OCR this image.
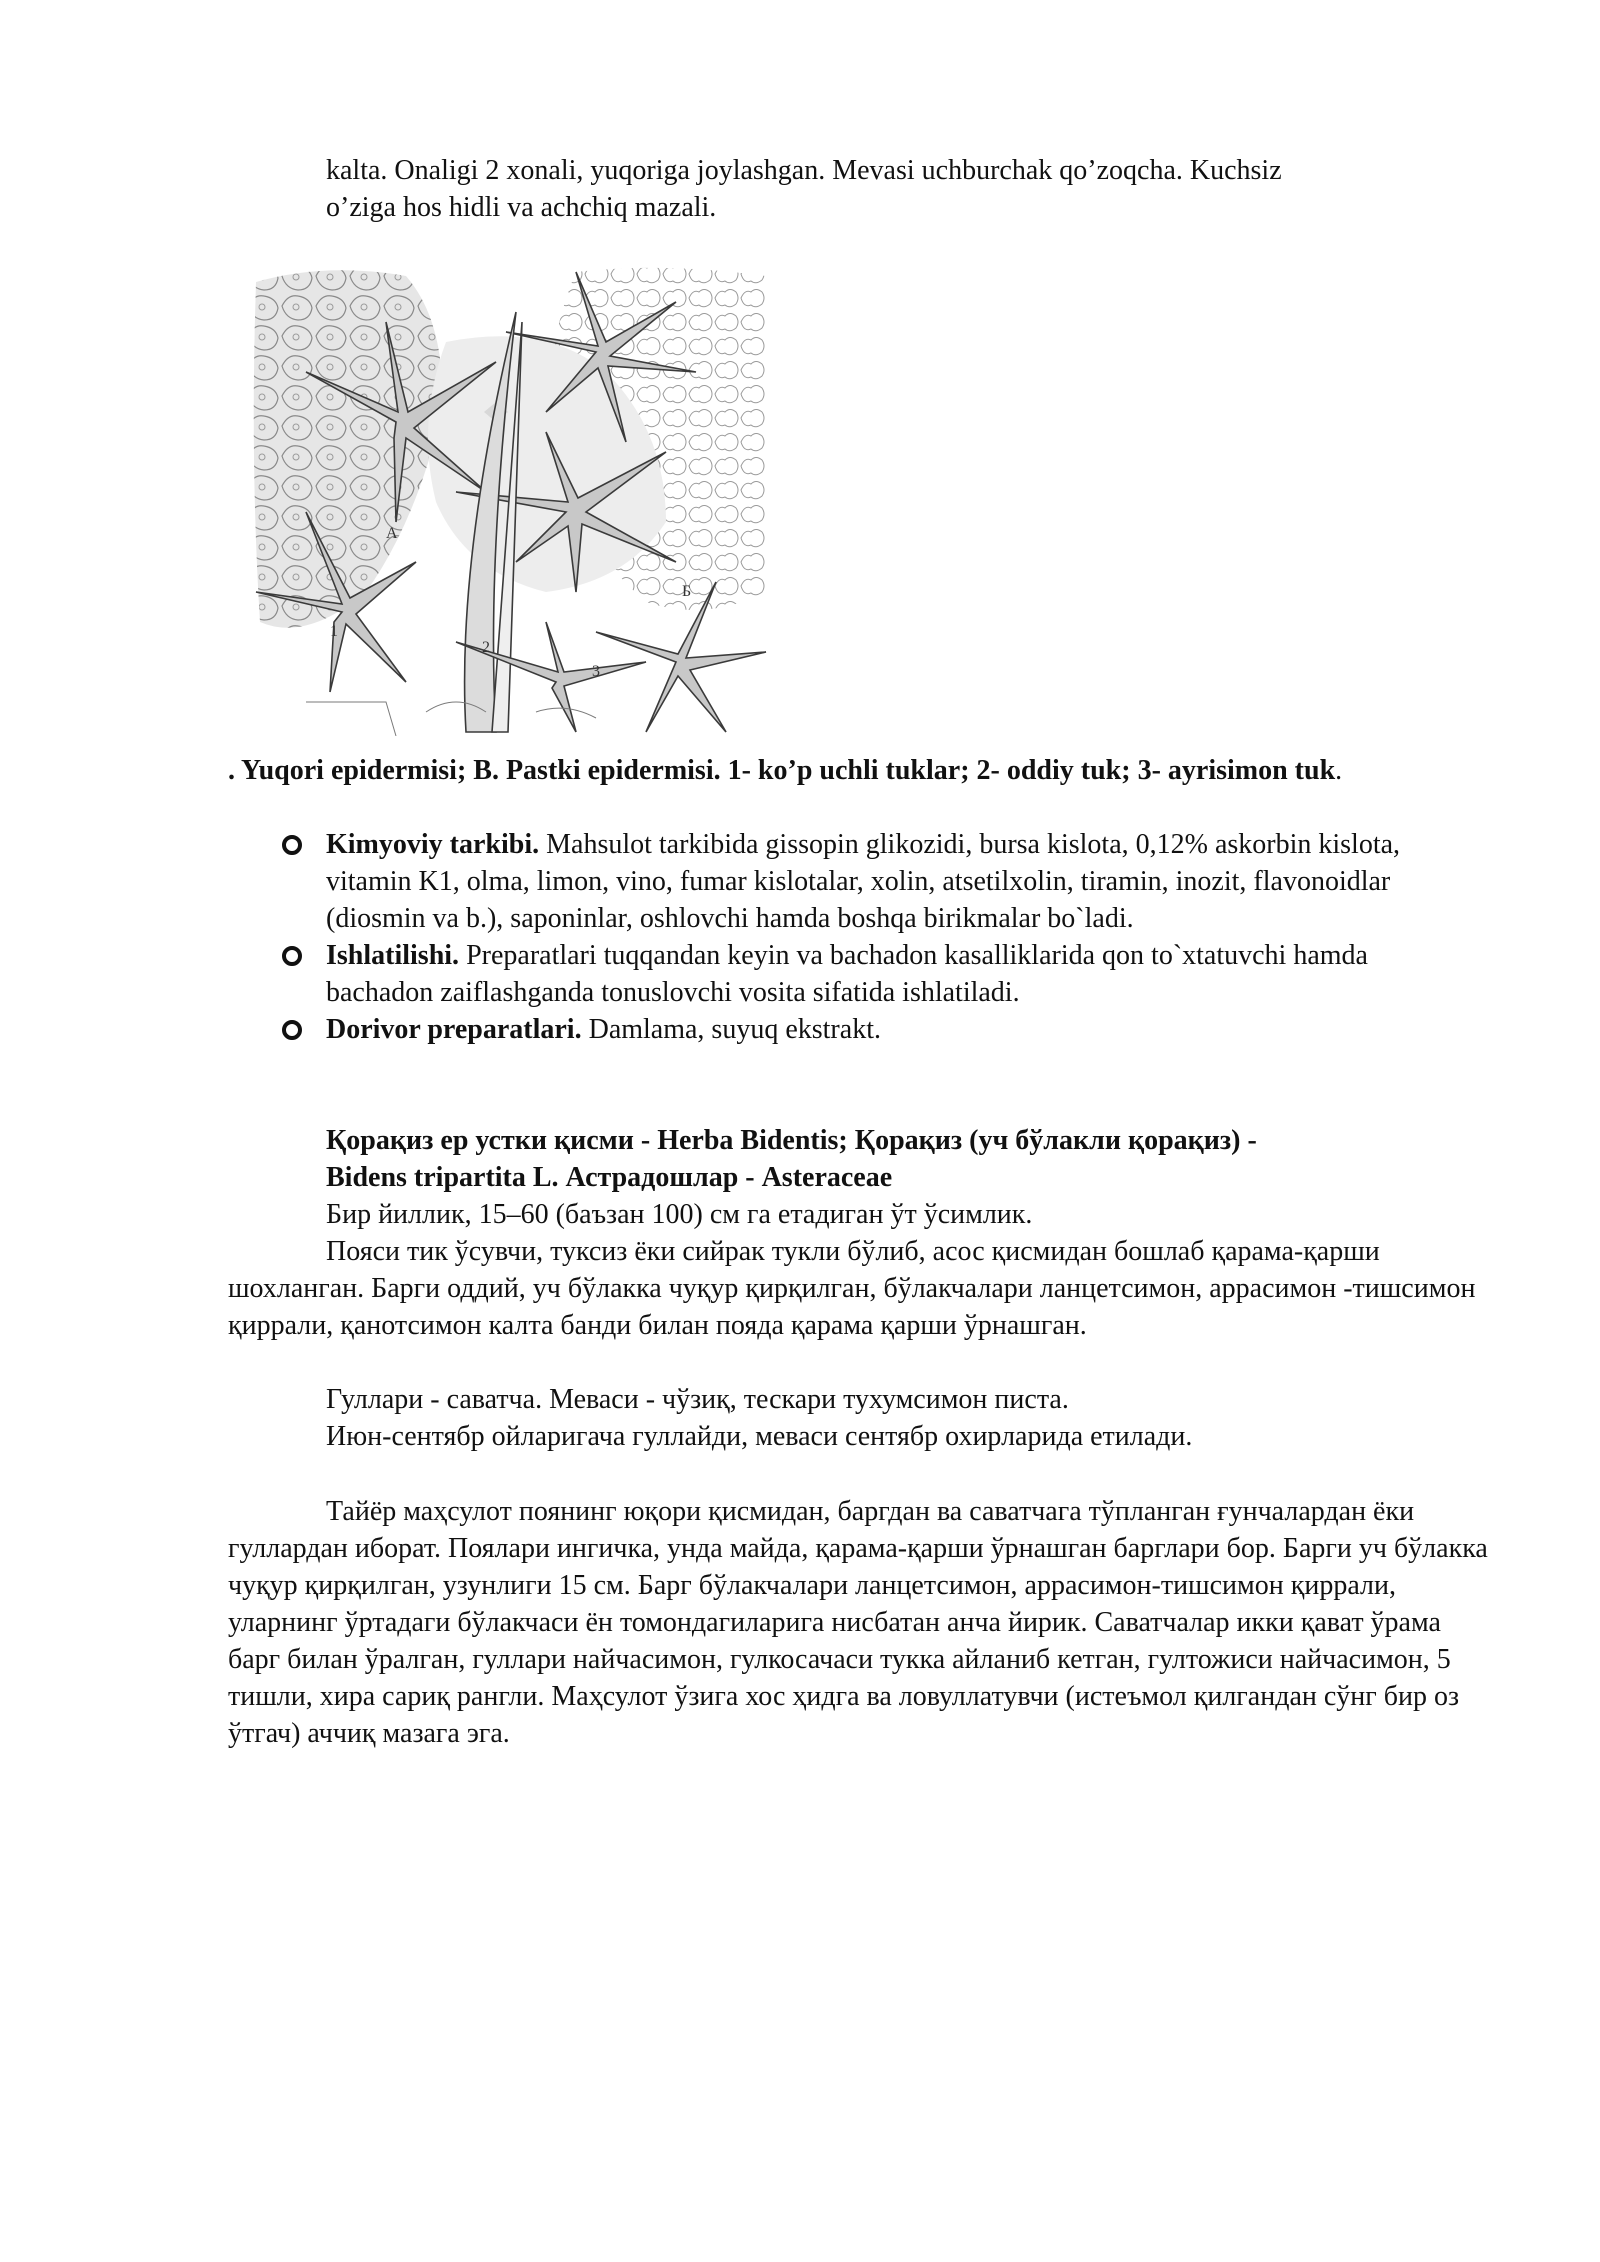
kalta. Onaligi 2 xonali, yuqoriga joylashgan. Mevasi uchburchak qo’zoqcha. Kuchsiz
o’ziga hos hidli va achchiq mazali.

А
Б
1
2
3

. Yuqori epidermisi; B. Pastki epidermisi. 1- ko’p uchli tuklar; 2- oddiy tuk; 3- ayrisimon tuk.

Kimyoviy tarkibi. Mahsulot tarkibida gissopin glikozidi, bursa kislota, 0,12% askorbin kislota, vitamin K1, olma, limon, vino, fumar kislotalar, xolin, atsetilxolin, tiramin, inozit, flavonoidlar (diosmin va b.), saponinlar, oshlovchi hamda boshqa birikmalar bo`ladi.
Ishlatilishi. Preparatlari tuqqandan keyin va bachadon kasalliklarida qon to`xtatuvchi hamda bachadon zaiflashganda tonuslovchi vosita sifatida ishlatiladi.
Dorivor preparatlari. Damlama, suyuq ekstrakt.

Қорақиз ер устки қисми - Herba Bidentis; Қорақиз (уч бўлакли қорақиз) -
Bidens tripartita L. Астрадошлар - Asteraceae

Бир йиллик, 15–60 (баъзан 100) см га етадиган ўт ўсимлик.

Пояси тик ўсувчи, туксиз ёки сийрак тукли бўлиб, асос қисмидан бошлаб қарама-қарши шохланган. Барги оддий, уч бўлакка чуқур қирқилган, бўлакчалари ланцетсимон, аррасимон -тишсимон қиррали, қанотсимон калта банди билан пояда қарама қарши ўрнашган.

Гуллари - саватча. Меваси - чўзиқ, тескари тухумсимон писта.

Июн-сентябр ойларигача гуллайди, меваси сентябр охирларида етилади.

Тайёр маҳсулот поянинг юқори қисмидан, баргдан ва саватчага тўпланган ғунчалардан ёки гуллардан иборат. Поялари ингичка, унда майда, қарама-қарши ўрнашган барглари бор. Барги уч бўлакка чуқур қирқилган, узунлиги 15 см. Барг бўлакчалари ланцетсимон, аррасимон-тишсимон қиррали, уларнинг ўртадаги бўлакчаси ён томондагиларига нисбатан анча йирик. Саватчалар икки қават ўрама барг билан ўралган, гуллари найчасимон, гулкосачаси тукка айланиб кетган, гултожиси найчасимон, 5 тишли, хира сариқ рангли. Маҳсулот ўзига хос ҳидга ва ловуллатувчи (истеъмол қилгандан сўнг бир оз ўтгач) аччиқ мазага эга.
